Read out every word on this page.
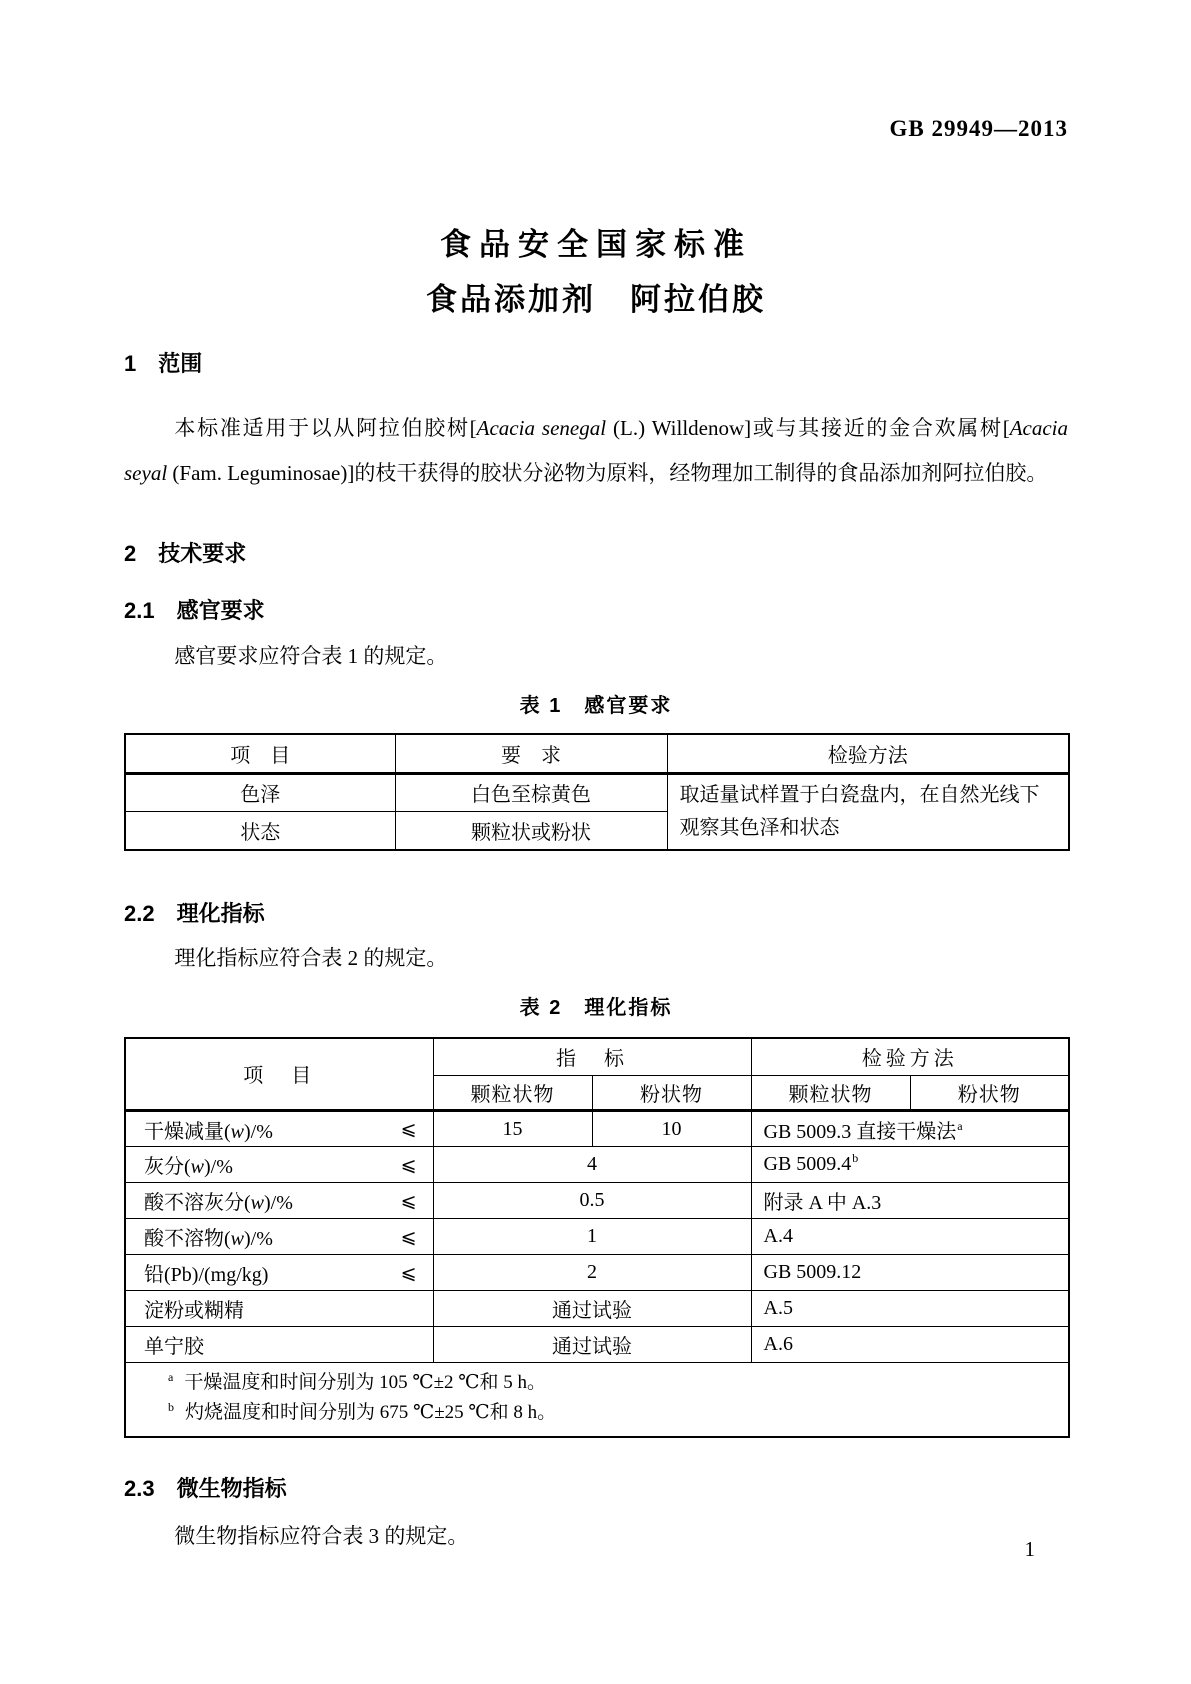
GB 29949—2013
食品安全国家标准
食品添加剂　阿拉伯胶
1 范围

本标准适用于以从阿拉伯胶树[Acacia senegal (L.) Willdenow]或与其接近的金合欢属树[Acacia seyal (Fam. Leguminosae)]的枝干获得的胶状分泌物为原料，经物理加工制得的食品添加剂阿拉伯胶。

2 技术要求
2.1 感官要求

感官要求应符合表 1 的规定。

表 1　感官要求
项　目	要　求	检验方法
色泽	白色至棕黄色	取适量试样置于白瓷盘内，在自然光线下观察其色泽和状态
状态	颗粒状或粉状	
2.2 理化指标

理化指标应符合表 2 的规定。

表 2　理化指标
项　目	指　标		检验方法	
	颗粒状物	粉状物	颗粒状物	粉状物

干燥减量(w)/% ⩽	15	10	GB 5009.3 直接干燥法$^a$

灰分(w)/% ⩽	4		GB 5009.4$^b$

酸不溶灰分(w)/% ⩽	0.5		附录 A 中 A.3	

酸不溶物(w)/% ⩽	1		A.4	

铅(Pb)/(mg/kg) ⩽	2		GB 5009.12	

淀粉或糊精	通过试验		A.5	

单宁胶	通过试验		A.6	

$^a$ 干燥温度和时间分别为 105 ℃±2 ℃和 5 h。
$^b$ 灼烧温度和时间分别为 675 ℃±25 ℃和 8 h。				
2.3 微生物指标

微生物指标应符合表 3 的规定。

1
